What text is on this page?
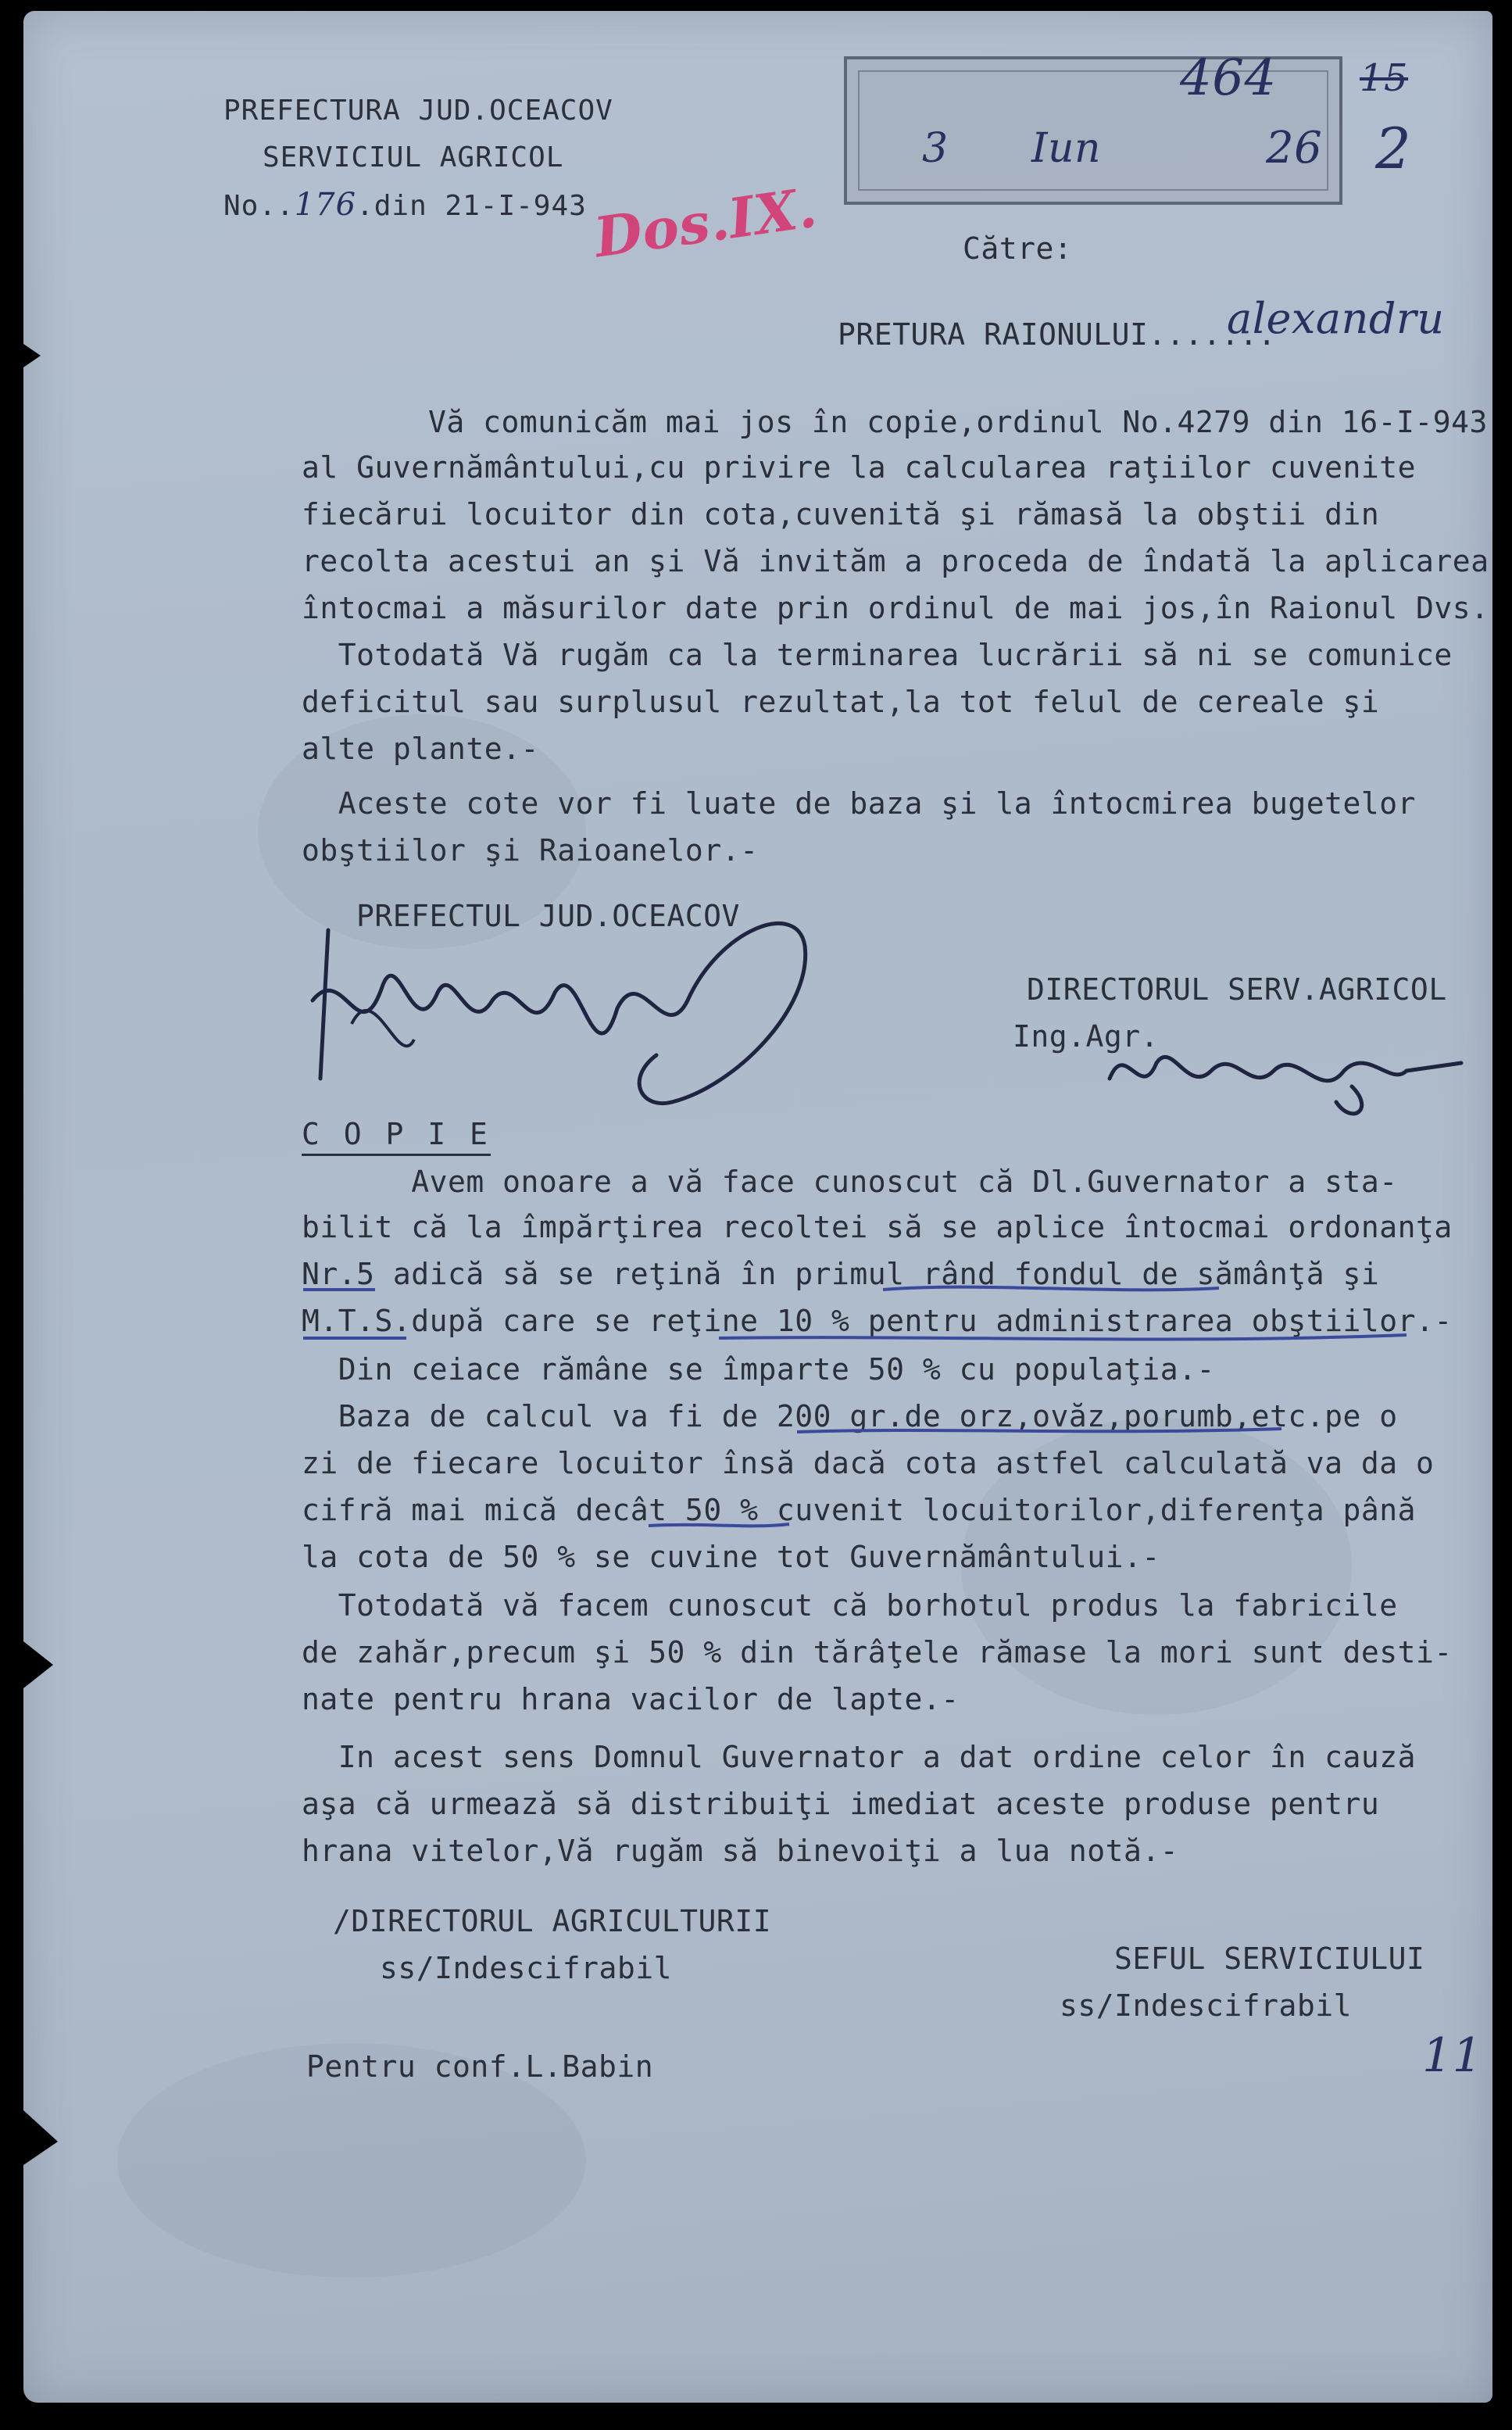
PREFECTURA JUD.OCEACOV
SERVICIUL AGRICOL
No..176.din 21-I-943
3 Iun	26
464 15
2
Dos.IX.	Către:
PRETURA RAIONULUI.......
alexandru
Vă comunicăm mai jos în copie,ordinul No.4279 din 16-I-943
al Guvernământului,cu privire la calcularea raţiilor cuvenite
fiecărui locuitor din cota,cuvenită şi rămasă la obştii din
recolta acestui an şi Vă invităm a proceda de îndată la aplicarea
întocmai a măsurilor date prin ordinul de mai jos,în Raionul Dvs.
Totodată Vă rugăm ca la terminarea lucrării să ni se comunice
deficitul sau surplusul rezultat,la tot felul de cereale şi
alte plante.-
Aceste cote vor fi luate de baza şi la întocmirea bugetelor
obştiilor şi Raioanelor.-
PREFECTUL JUD.OCEACOV
DIRECTORUL SERV.AGRICOL
Ing.Agr.
C O P I E
Avem onoare a vă face cunoscut că Dl.Guvernator a sta-
bilit că la împărţirea recoltei să se aplice întocmai ordonanţa
Nr.5 adică să se reţină în primul rând fondul de sămânţă şi
M.T.S.după care se reţine 10 % pentru administrarea obştiilor.-
Din ceiace rămâne se împarte 50 % cu populaţia.-
Baza de calcul va fi de 200 gr.de orz,ovăz,porumb,etc.pe o
zi de fiecare locuitor însă dacă cota astfel calculată va da o
cifră mai mică decât 50 % cuvenit locuitorilor,diferenţa până
la cota de 50 % se cuvine tot Guvernământului.-
Totodată vă facem cunoscut că borhotul produs la fabricile
de zahăr,precum şi 50 % din tărâţele rămase la mori sunt desti-
nate pentru hrana vacilor de lapte.-
In acest sens Domnul Guvernator a dat ordine celor în cauză
aşa că urmează să distribuiţi imediat aceste produse pentru
hrana vitelor,Vă rugăm să binevoiţi a lua notă.-
/DIRECTORUL AGRICULTURII
ss/Indescifrabil	SEFUL SERVICIULUI
ss/Indescifrabil
Pentru conf.L.Babin	11
